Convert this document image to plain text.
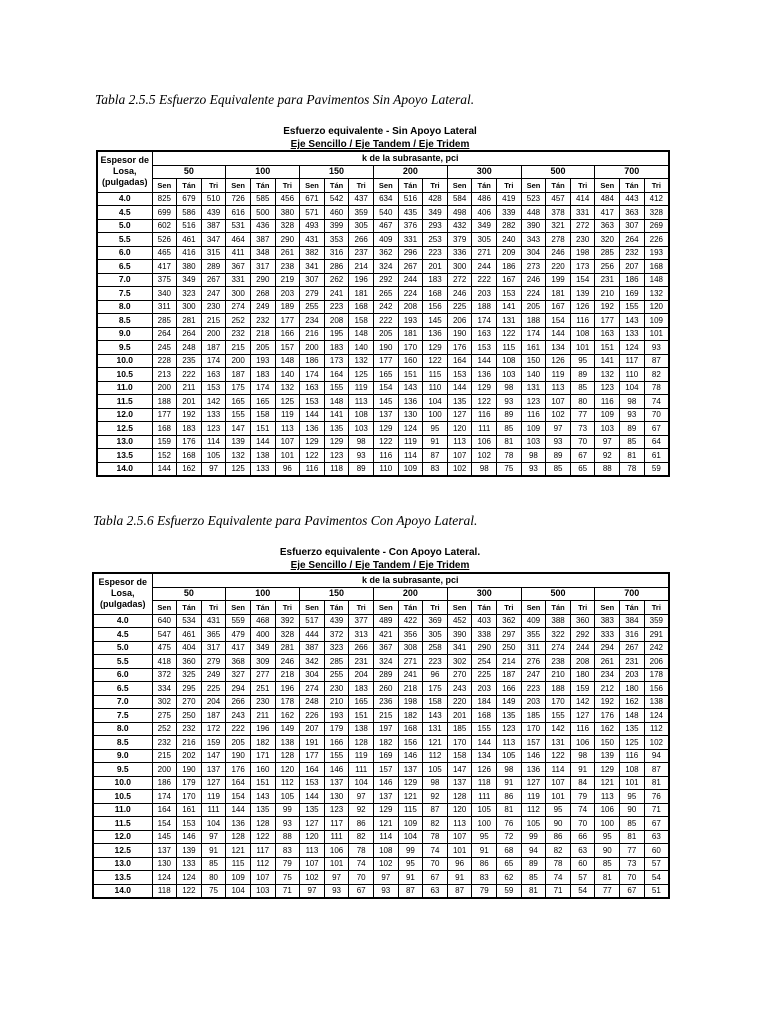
Tabla 2.5.5 Esfuerzo Equivalente para Pavimentos Sin Apoyo Lateral.
Esfuerzo equivalente - Sin Apoyo Lateral
Eje Sencillo / Eje Tandem / Eje Tridem
Espesor de Losa, (pulgadas)	k de la subrasante, pci																				
	50			100			150			200			300			500			700		
	Sen	Tán	Tri	Sen	Tán	Tri	Sen	Tán	Tri	Sen	Tán	Tri	Sen	Tán	Tri	Sen	Tán	Tri	Sen	Tán	Tri
4.0	825	679	510	726	585	456	671	542	437	634	516	428	584	486	419	523	457	414	484	443	412
4.5	699	586	439	616	500	380	571	460	359	540	435	349	498	406	339	448	378	331	417	363	328
5.0	602	516	387	531	436	328	493	399	305	467	376	293	432	349	282	390	321	272	363	307	269
5.5	526	461	347	464	387	290	431	353	266	409	331	253	379	305	240	343	278	230	320	264	226
6.0	465	416	315	411	348	261	382	316	237	362	296	223	336	271	209	304	246	198	285	232	193
6.5	417	380	289	367	317	238	341	286	214	324	267	201	300	244	186	273	220	173	256	207	168
7.0	375	349	267	331	290	219	307	262	196	292	244	183	272	222	167	246	199	154	231	186	148
7.5	340	323	247	300	268	203	279	241	181	265	224	168	246	203	153	224	181	139	210	169	132
8.0	311	300	230	274	249	189	255	223	168	242	208	156	225	188	141	205	167	126	192	155	120
8.5	285	281	215	252	232	177	234	208	158	222	193	145	206	174	131	188	154	116	177	143	109
9.0	264	264	200	232	218	166	216	195	148	205	181	136	190	163	122	174	144	108	163	133	101
9.5	245	248	187	215	205	157	200	183	140	190	170	129	176	153	115	161	134	101	151	124	93
10.0	228	235	174	200	193	148	186	173	132	177	160	122	164	144	108	150	126	95	141	117	87
10.5	213	222	163	187	183	140	174	164	125	165	151	115	153	136	103	140	119	89	132	110	82
11.0	200	211	153	175	174	132	163	155	119	154	143	110	144	129	98	131	113	85	123	104	78
11.5	188	201	142	165	165	125	153	148	113	145	136	104	135	122	93	123	107	80	116	98	74
12.0	177	192	133	155	158	119	144	141	108	137	130	100	127	116	89	116	102	77	109	93	70
12.5	168	183	123	147	151	113	136	135	103	129	124	95	120	111	85	109	97	73	103	89	67
13.0	159	176	114	139	144	107	129	129	98	122	119	91	113	106	81	103	93	70	97	85	64
13.5	152	168	105	132	138	101	122	123	93	116	114	87	107	102	78	98	89	67	92	81	61
14.0	144	162	97	125	133	96	116	118	89	110	109	83	102	98	75	93	85	65	88	78	59
Tabla 2.5.6 Esfuerzo Equivalente para Pavimentos Con Apoyo Lateral.
Esfuerzo equivalente - Con Apoyo Lateral.
Eje Sencillo / Eje Tandem / Eje Tridem
Espesor de Losa, (pulgadas)	k de la subrasante, pci																				
	50			100			150			200			300			500			700		
	Sen	Tán	Tri	Sen	Tán	Tri	Sen	Tán	Tri	Sen	Tán	Tri	Sen	Tán	Tri	Sen	Tán	Tri	Sen	Tán	Tri
4.0	640	534	431	559	468	392	517	439	377	489	422	369	452	403	362	409	388	360	383	384	359
4.5	547	461	365	479	400	328	444	372	313	421	356	305	390	338	297	355	322	292	333	316	291
5.0	475	404	317	417	349	281	387	323	266	367	308	258	341	290	250	311	274	244	294	267	242
5.5	418	360	279	368	309	246	342	285	231	324	271	223	302	254	214	276	238	208	261	231	206
6.0	372	325	249	327	277	218	304	255	204	289	241	96	270	225	187	247	210	180	234	203	178
6.5	334	295	225	294	251	196	274	230	183	260	218	175	243	203	166	223	188	159	212	180	156
7.0	302	270	204	266	230	178	248	210	165	236	198	158	220	184	149	203	170	142	192	162	138
7.5	275	250	187	243	211	162	226	193	151	215	182	143	201	168	135	185	155	127	176	148	124
8.0	252	232	172	222	196	149	207	179	138	197	168	131	185	155	123	170	142	116	162	135	112
8.5	232	216	159	205	182	138	191	166	128	182	156	121	170	144	113	157	131	106	150	125	102
9.0	215	202	147	190	171	128	177	155	119	169	146	112	158	134	105	146	122	98	139	116	94
9.5	200	190	137	176	160	120	164	146	111	157	137	105	147	126	98	136	114	91	129	108	87
10.0	186	179	127	164	151	112	153	137	104	146	129	98	137	118	91	127	107	84	121	101	81
10.5	174	170	119	154	143	105	144	130	97	137	121	92	128	111	86	119	101	79	113	95	76
11.0	164	161	111	144	135	99	135	123	92	129	115	87	120	105	81	112	95	74	106	90	71
11.5	154	153	104	136	128	93	127	117	86	121	109	82	113	100	76	105	90	70	100	85	67
12.0	145	146	97	128	122	88	120	111	82	114	104	78	107	95	72	99	86	66	95	81	63
12.5	137	139	91	121	117	83	113	106	78	108	99	74	101	91	68	94	82	63	90	77	60
13.0	130	133	85	115	112	79	107	101	74	102	95	70	96	86	65	89	78	60	85	73	57
13.5	124	124	80	109	107	75	102	97	70	97	91	67	91	83	62	85	74	57	81	70	54
14.0	118	122	75	104	103	71	97	93	67	93	87	63	87	79	59	81	71	54	77	67	51
